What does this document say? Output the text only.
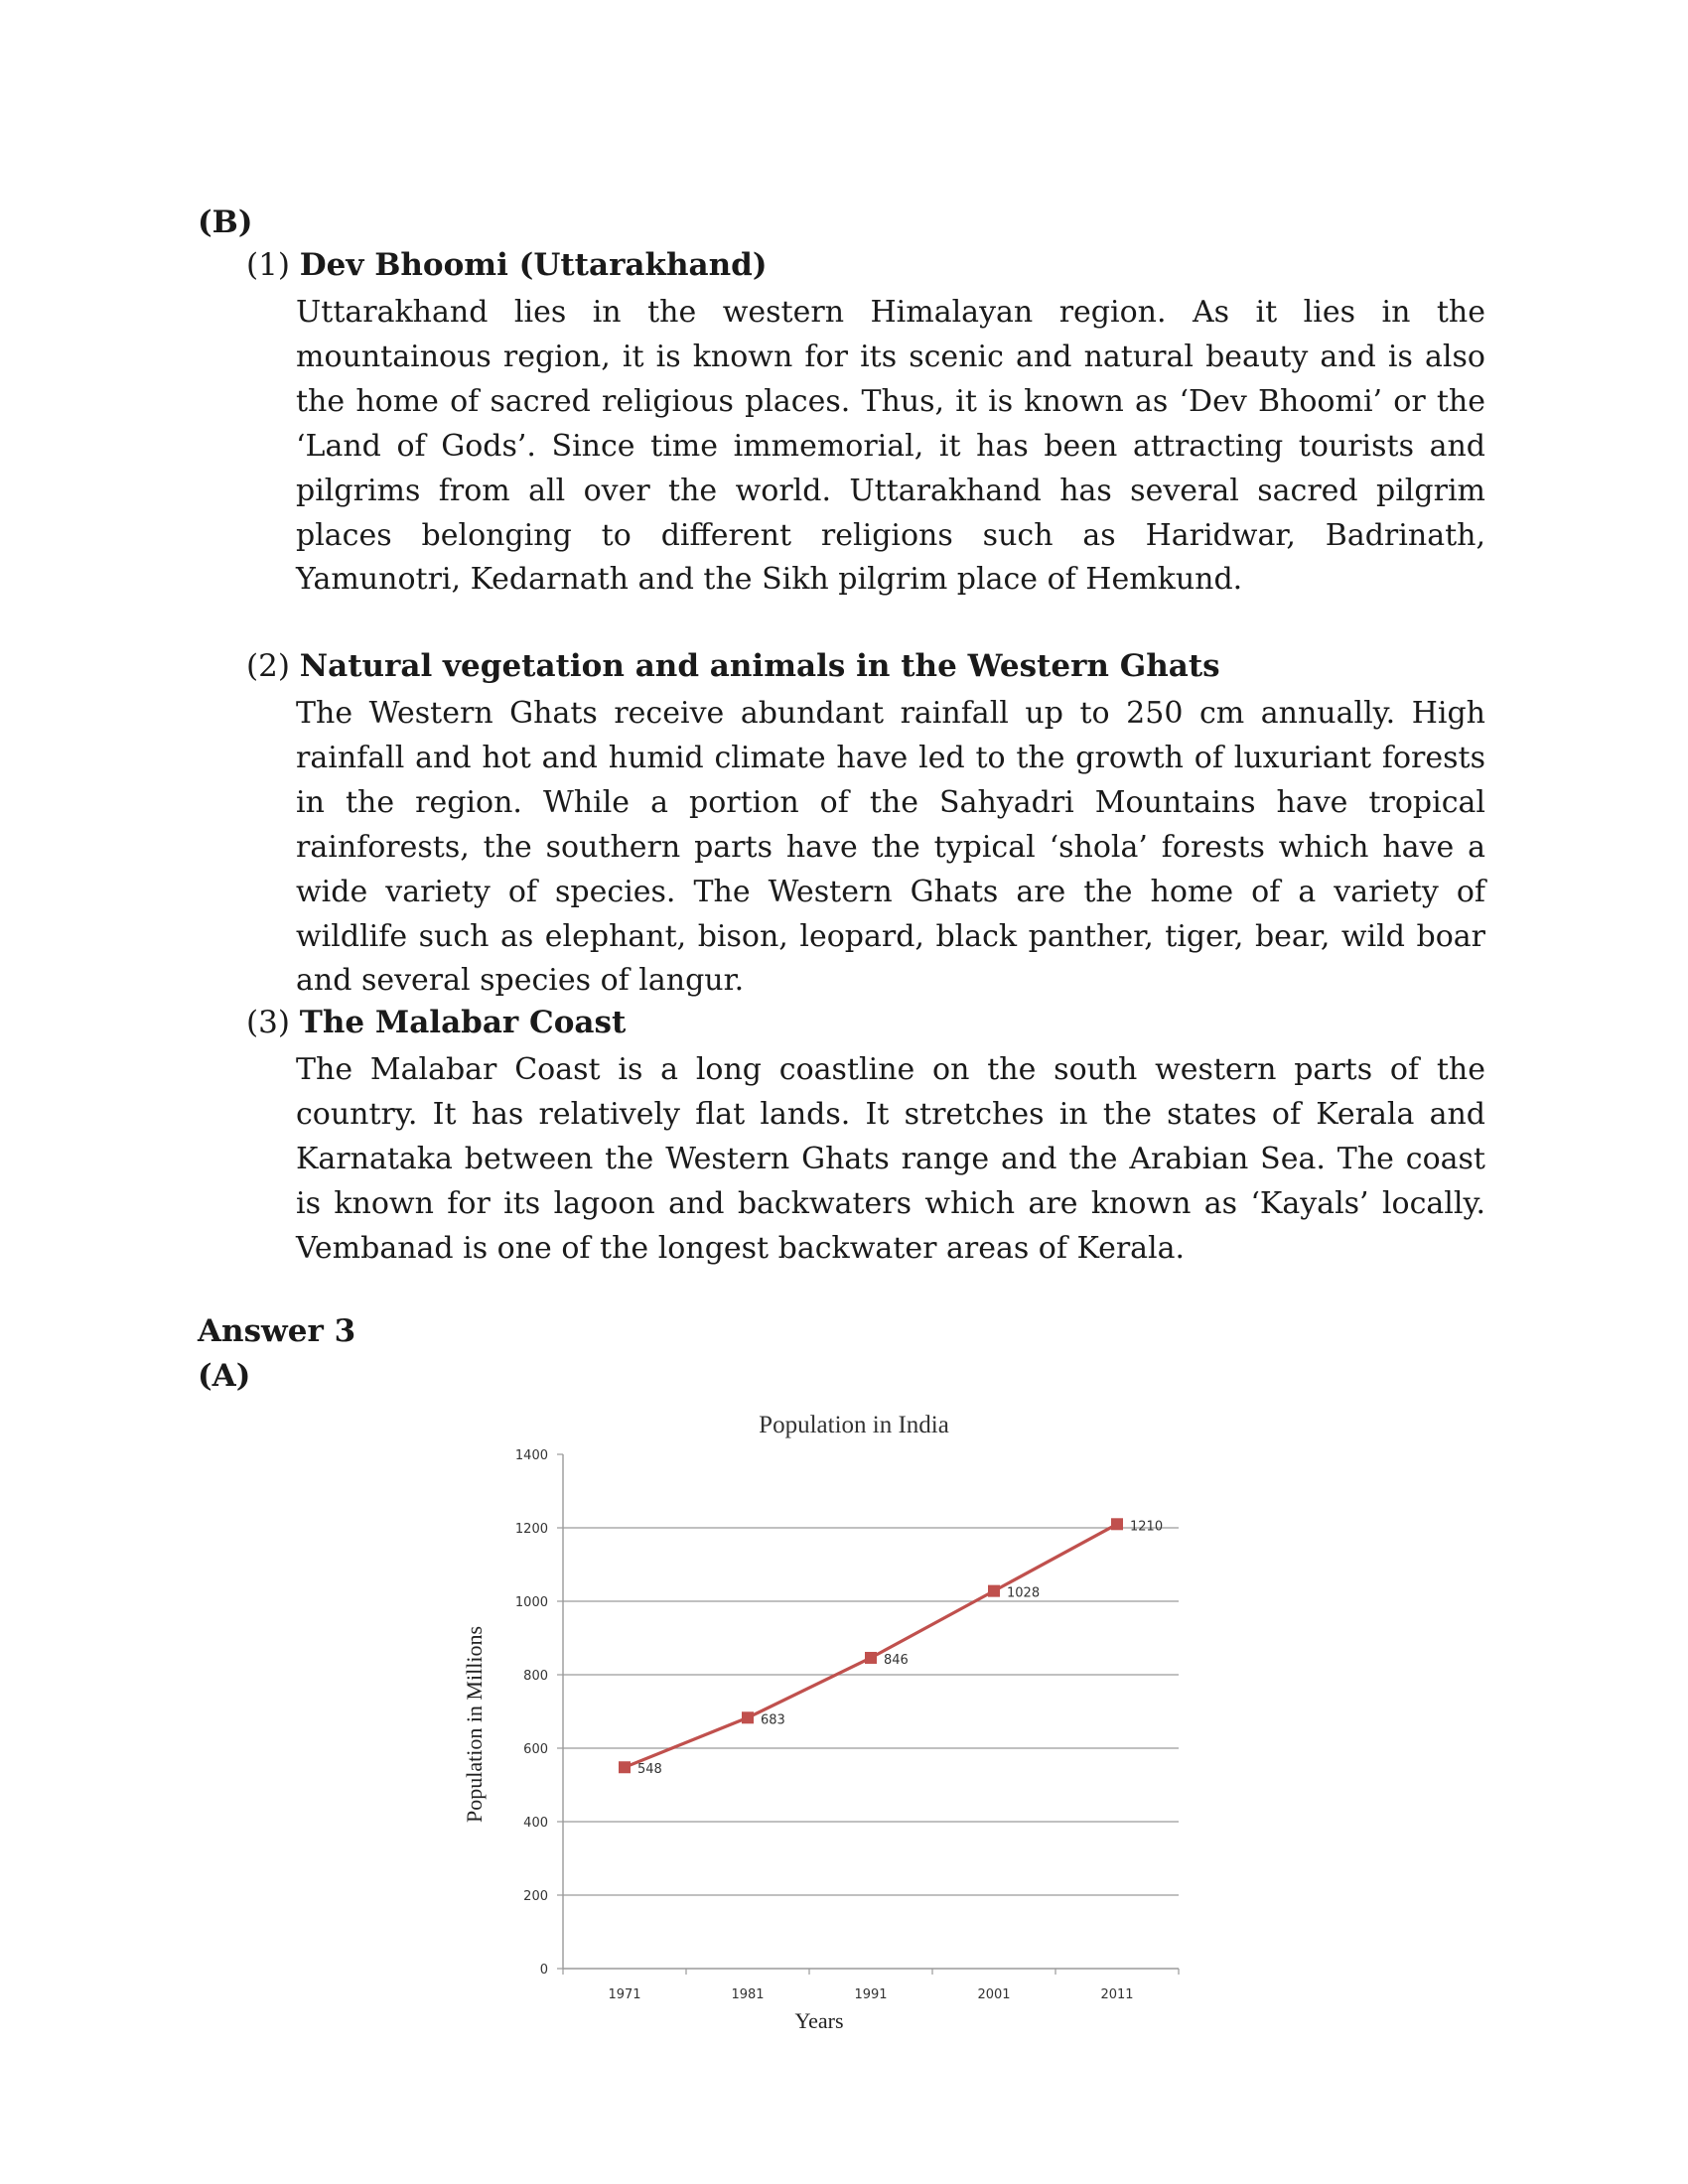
(B)
(1) Dev Bhoomi (Uttarakhand)

Uttarakhand lies in the western Himalayan region. As it lies in the mountainous region, it is known for its scenic and natural beauty and is also the home of sacred religious places. Thus, it is known as ‘Dev Bhoomi’ or the ‘Land of Gods’. Since time immemorial, it has been attracting tourists and pilgrims from all over the world. Uttarakhand has several sacred pilgrim places belonging to different religions such as Haridwar, Badrinath, Yamunotri, Kedarnath and the Sikh pilgrim place of Hemkund.

(2) Natural vegetation and animals in the Western Ghats

The Western Ghats receive abundant rainfall up to 250 cm annually. High rainfall and hot and humid climate have led to the growth of luxuriant forests in the region. While a portion of the Sahyadri Mountains have tropical rainforests, the southern parts have the typical ‘shola’ forests which have a wide variety of species. The Western Ghats are the home of a variety of wildlife such as elephant, bison, leopard, black panther, tiger, bear, wild boar and several species of langur.

(3) The Malabar Coast

The Malabar Coast is a long coastline on the south western parts of the country. It has relatively flat lands. It stretches in the states of Kerala and Karnataka between the Western Ghats range and the Arabian Sea. The coast is known for its lagoon and backwaters which are known as ‘Kayals’ locally. Vembanad is one of the longest backwater areas of Kerala.

Answer 3
(A)
Population in India
Years
Population in Millions
0
200
400
600
800
1000
1200
1400
1971	1981	1991	2001	2011
548
683
846
1028
1210
